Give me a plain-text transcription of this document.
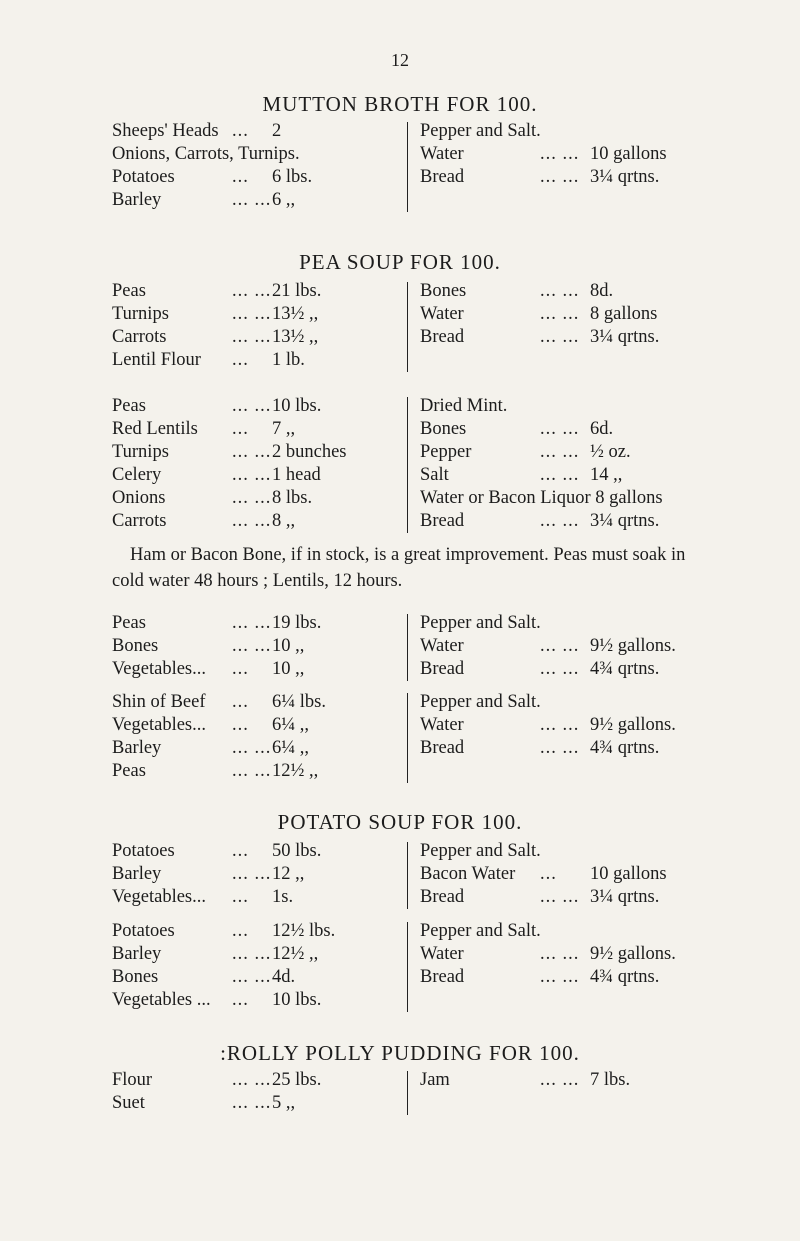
12
MUTTON BROTH FOR 100.
Sheeps' Heads ... 2	Pepper and Salt.
Onions, Carrots, Turnips.	Water	... ... 10 gallons
Potatoes	... 6 lbs.	Bread	... ... 3¼ qrtns.
Barley	... ... 6 ,,
PEA SOUP FOR 100.
Peas	... ... 21 lbs.	Bones	... ... 8d.
Turnips	... ... 13½ ,,	Water	... ... 8 gallons
Carrots	... ... 13½ ,,	Bread	... ... 3¼ qrtns.
Lentil Flour ... 1 lb.
Peas	... ... 10 lbs.	Dried Mint.
Red Lentils ... 7 ,,	Bones	... ... 6d.
Turnips	... ... 2 bunches	Pepper	... ... ½ oz.
Celery	... ... 1 head	Salt	... ... 14 ,,
Onions	... ... 8 lbs.	Water or Bacon Liquor 8 gallons
Carrots	... ... 8 ,,	Bread	... ... 3¼ qrtns.
Ham or Bacon Bone, if in stock, is a great improvement. Peas must soak in cold water 48 hours ; Lentils, 12 hours.
Peas	... ... 19 lbs.	Pepper and Salt.
Bones	... ... 10 ,,	Water	... ... 9½ gallons.
Vegetables... ... 10 ,,	Bread	... ... 4¾ qrtns.
Shin of Beef ... 6¼ lbs.	Pepper and Salt.
Vegetables... ... 6¼ ,,	Water	... ... 9½ gallons.
Barley	... ... 6¼ ,,	Bread	... ... 4¾ qrtns.
Peas	... ... 12½ ,,
POTATO SOUP FOR 100.
Potatoes	... 50 lbs.	Pepper and Salt.
Barley	... ... 12 ,,	Bacon Water ... 10 gallons
Vegetables... ... 1s.	Bread	... ... 3¼ qrtns.
Potatoes	... 12½ lbs.	Pepper and Salt.
Barley	... ... 12½ ,,	Water	... ... 9½ gallons.
Bones	... ... 4d.	Bread	... ... 4¾ qrtns.
Vegetables ... ... 10 lbs.
:ROLLY POLLY PUDDING FOR 100.
Flour	... ... 25 lbs.	Jam	... ... 7 lbs.
Suet	... ... 5 ,,
